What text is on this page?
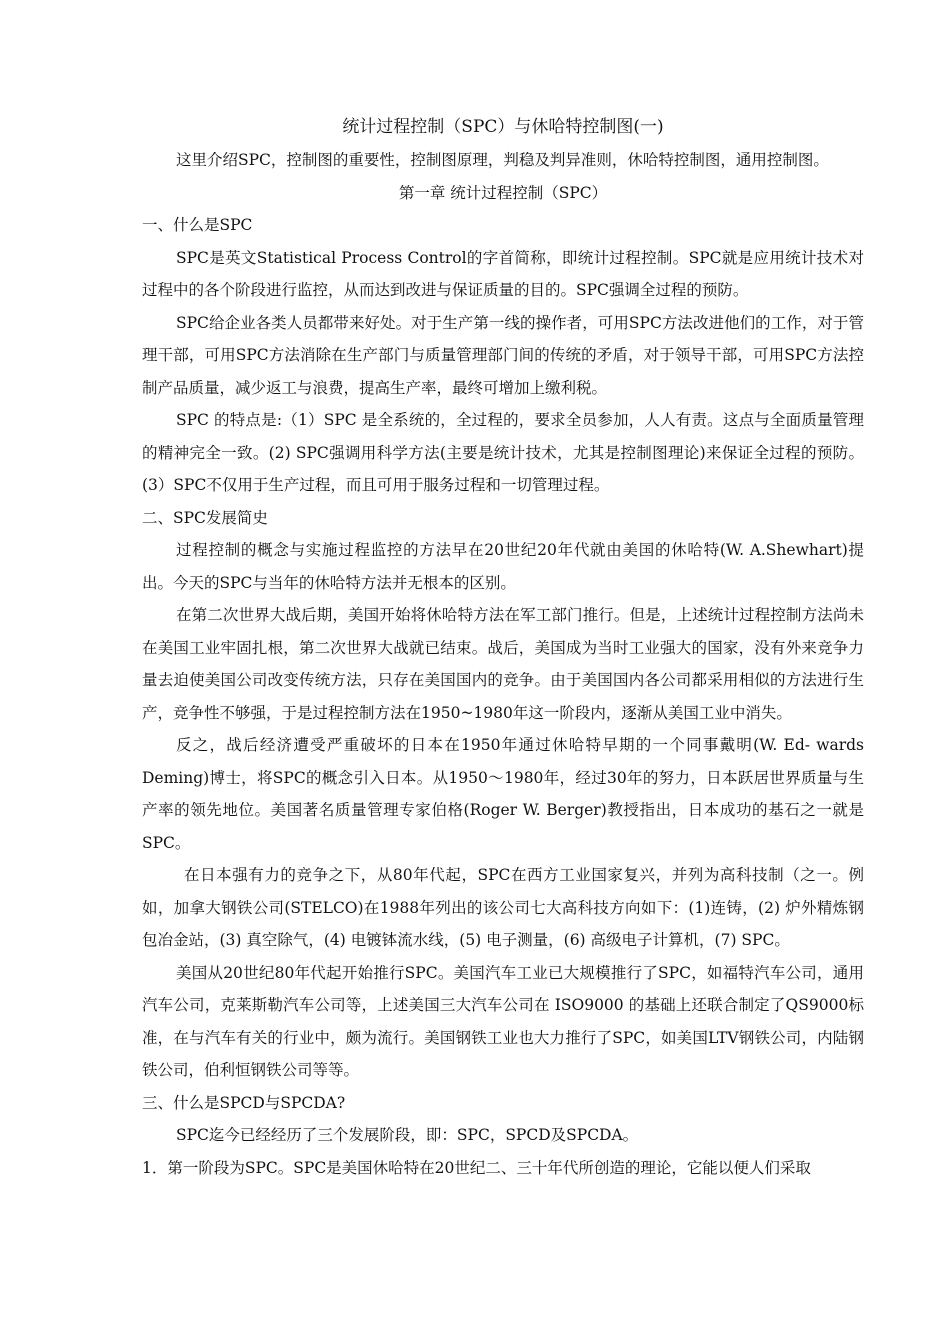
统计过程控制（SPC）与休哈特控制图(一)

这里介绍SPC，控制图的重要性，控制图原理，判稳及判异准则，休哈特控制图，通用控制图。

第一章 统计过程控制（SPC）

一、什么是SPC

SPC是英文Statistical Process Control的字首简称，即统计过程控制。SPC就是应用统计技术对过程中的各个阶段进行监控，从而达到改进与保证质量的目的。SPC强调全过程的预防。

SPC给企业各类人员都带来好处。对于生产第一线的操作者，可用SPC方法改进他们的工作，对于管理干部，可用SPC方法消除在生产部门与质量管理部门间的传统的矛盾，对于领导干部，可用SPC方法控制产品质量，减少返工与浪费，提高生产率，最终可增加上缴利税。

SPC 的特点是:（1）SPC 是全系统的，全过程的，要求全员参加，人人有责。这点与全面质量管理的精神完全一致。(2) SPC强调用科学方法(主要是统计技术，尤其是控制图理论)来保证全过程的预防。(3）SPC不仅用于生产过程，而且可用于服务过程和一切管理过程。

二、SPC发展简史

过程控制的概念与实施过程监控的方法早在20世纪20年代就由美国的休哈特(W. A.Shewhart)提出。今天的SPC与当年的休哈特方法并无根本的区别。

在第二次世界大战后期，美国开始将休哈特方法在军工部门推行。但是，上述统计过程控制方法尚未在美国工业牢固扎根，第二次世界大战就已结束。战后，美国成为当时工业强大的国家，没有外来竞争力量去迫使美国公司改变传统方法，只存在美国国内的竞争。由于美国国内各公司都采用相似的方法进行生产，竞争性不够强，于是过程控制方法在1950~1980年这一阶段内，逐渐从美国工业中消失。

反之，战后经济遭受严重破坏的日本在1950年通过休哈特早期的一个同事戴明(W. Ed- wards Deming)博士，将SPC的概念引入日本。从1950～1980年，经过30年的努力，日本跃居世界质量与生产率的领先地位。美国著名质量管理专家伯格(Roger W. Berger)教授指出，日本成功的基石之一就是SPC。

在日本强有力的竞争之下，从80年代起，SPC在西方工业国家复兴，并列为高科技制（之一。例如，加拿大钢铁公司(STELCO)在1988年列出的该公司七大高科技方向如下：(1)连铸，(2) 炉外精炼钢包冶金站，(3) 真空除气，(4) 电镀钵流水线，(5) 电子测量，(6) 高级电子计算机，(7) SPC。

美国从20世纪80年代起开始推行SPC。美国汽车工业已大规模推行了SPC，如福特汽车公司，通用汽车公司，克莱斯勒汽车公司等，上述美国三大汽车公司在 ISO9000 的基础上还联合制定了QS9000标准，在与汽车有关的行业中，颇为流行。美国钢铁工业也大力推行了SPC，如美国LTV钢铁公司，内陆钢铁公司，伯利恒钢铁公司等等。

三、什么是SPCD与SPCDA?

SPC迄今已经经历了三个发展阶段，即：SPC，SPCD及SPCDA。

1．第一阶段为SPC。SPC是美国休哈特在20世纪二、三十年代所创造的理论，它能以便人们采取
